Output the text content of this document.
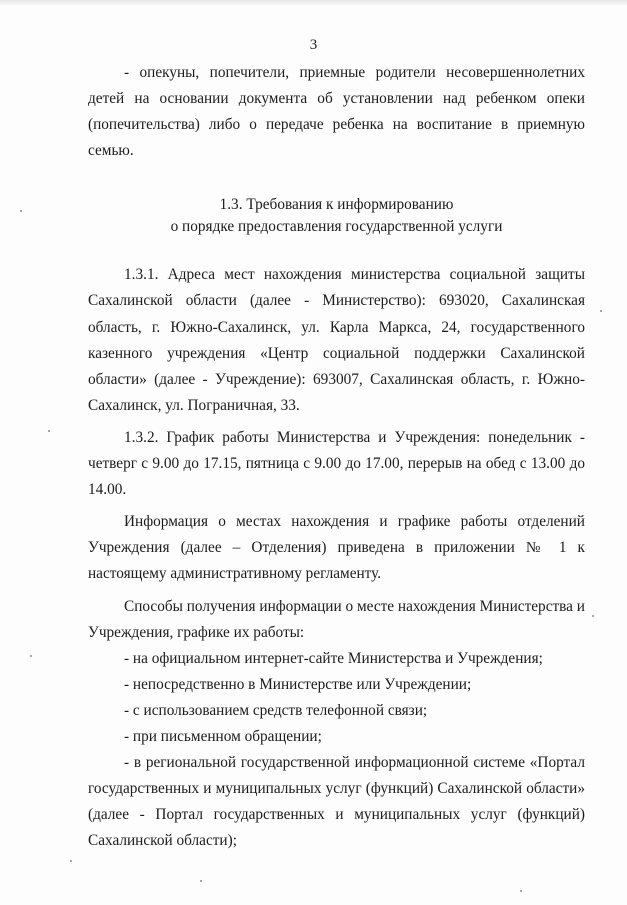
3

- опекуны, попечители, приемные родители несовершеннолетних детей на основании документа об установлении над ребенком опеки (попечительства) либо о передаче ребенка на воспитание в приемную семью.

1.3. Требования к информированию
о порядке предоставления государственной услуги

1.3.1. Адреса мест нахождения министерства социальной защиты Сахалинской области (далее - Министерство): 693020, Сахалинская область, г. Южно-Сахалинск, ул. Карла Маркса, 24, государственного казенного учреждения «Центр социальной поддержки Сахалинской области» (далее - Учреждение): 693007, Сахалинская область, г. Южно-Сахалинск, ул. Пограничная, 33.

1.3.2. График работы Министерства и Учреждения: понедельник - четверг с 9.00 до 17.15, пятница с 9.00 до 17.00, перерыв на обед с 13.00 до 14.00.

Информация о местах нахождения и графике работы отделений Учреждения (далее – Отделения) приведена в приложении № 1 к настоящему административному регламенту.

Способы получения информации о месте нахождения Министерства и Учреждения, графике их работы:

- на официальном интернет-сайте Министерства и Учреждения;

- непосредственно в Министерстве или Учреждении;

- с использованием средств телефонной связи;

- при письменном обращении;

- в региональной государственной информационной системе «Портал государственных и муниципальных услуг (функций) Сахалинской области» (далее - Портал государственных и муниципальных услуг (функций) Сахалинской области);
